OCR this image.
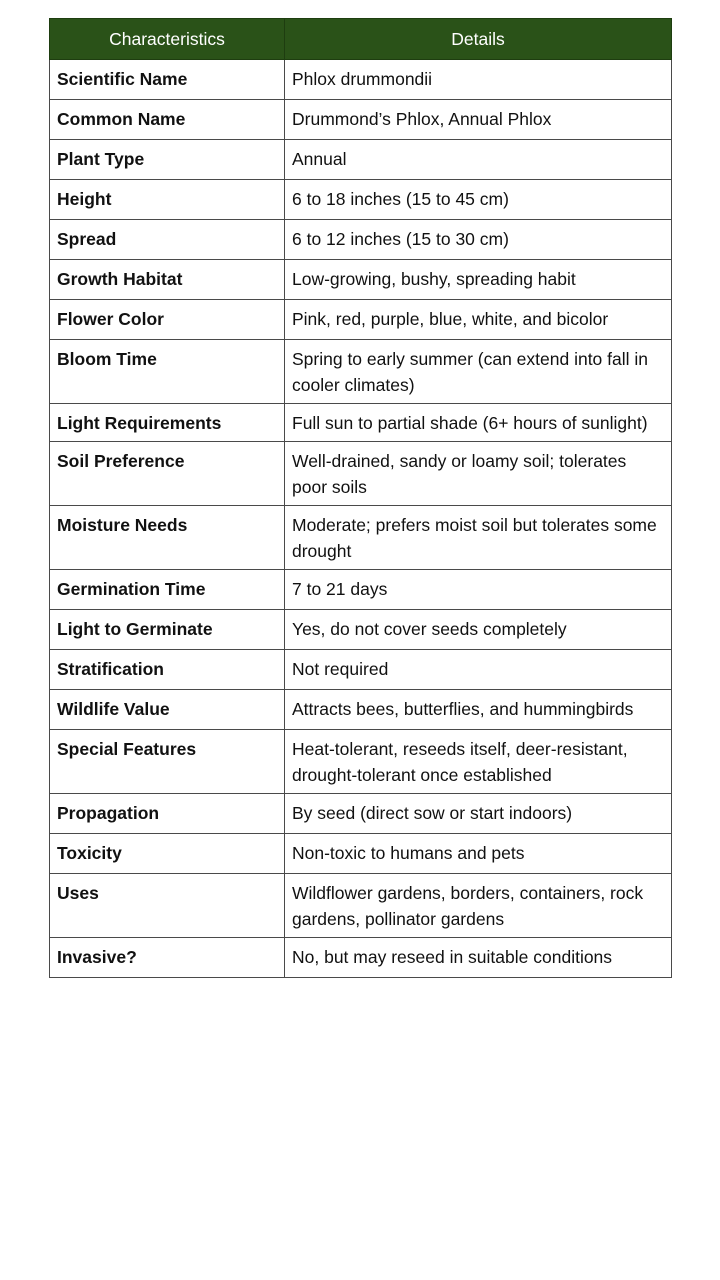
Characteristics	Details
Scientific Name	Phlox drummondii
Common Name	Drummond’s Phlox, Annual Phlox
Plant Type	Annual
Height	6 to 18 inches (15 to 45 cm)
Spread	6 to 12 inches (15 to 30 cm)
Growth Habitat	Low-growing, bushy, spreading habit
Flower Color	Pink, red, purple, blue, white, and bicolor
Bloom Time	Spring to early summer (can extend into fall in cooler climates)
Light Requirements	Full sun to partial shade (6+ hours of sunlight)
Soil Preference	Well-drained, sandy or loamy soil; tolerates poor soils
Moisture Needs	Moderate; prefers moist soil but tolerates some drought
Germination Time	7 to 21 days
Light to Germinate	Yes, do not cover seeds completely
Stratification	Not required
Wildlife Value	Attracts bees, butterflies, and hummingbirds
Special Features	Heat-tolerant, reseeds itself, deer-resistant, drought-tolerant once established
Propagation	By seed (direct sow or start indoors)
Toxicity	Non-toxic to humans and pets
Uses	Wildflower gardens, borders, containers, rock gardens, pollinator gardens
Invasive?	No, but may reseed in suitable conditions
